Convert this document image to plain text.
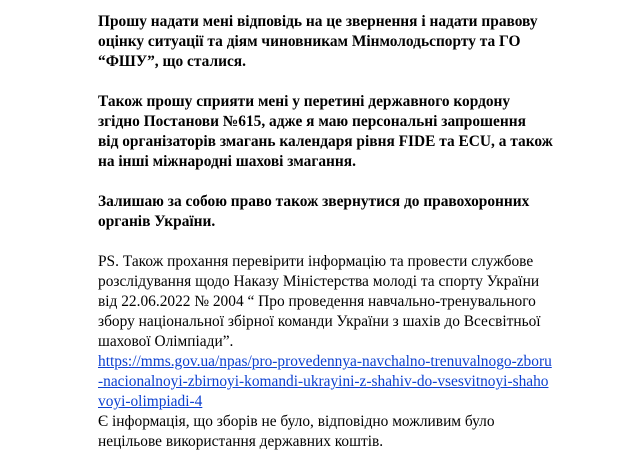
Прошу надати мені відповідь на це звернення і надати правову
оцінку ситуації та діям чиновникам Мінмолодьспорту та ГО
“ФШУ”, що сталися.
Також прошу сприяти мені у перетині державного кордону
згідно Постанови №615, адже я маю персональні запрошення
від організаторів змагань календаря рівня FIDE та ECU, а також
на інші міжнародні шахові змагання.
Залишаю за собою право також звернутися до правохоронних
органів України.
PS. Також прохання перевірити інформацію та провести службове
розслідування щодо Наказу Міністерства молоді та спорту України
від 22.06.2022 № 2004 “ Про проведення навчально-тренувального
збору національної збірної команди України з шахів до Всесвітньої
шахової Олімпіади”.
https://mms.gov.ua/npas/pro-provedennya-navchalno-trenuvalnogo-zboru
-nacionalnoyi-zbirnoyi-komandi-ukrayini-z-shahiv-do-vsesvitnoyi-shaho
voyi-olimpiadi-4
Є інформація, що зборів не було, відповідно можливим було
нецільове використання державних коштів.
